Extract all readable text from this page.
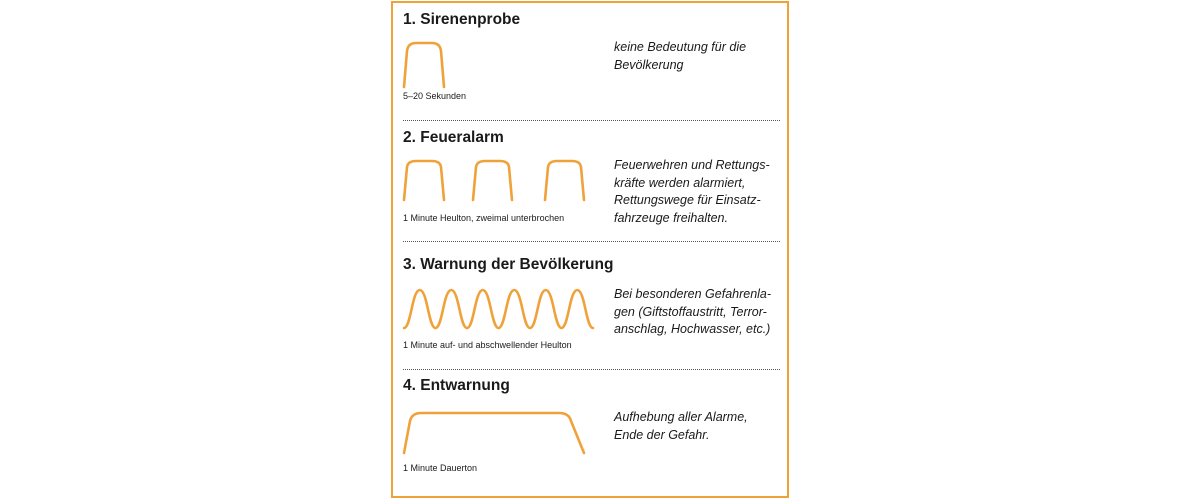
1. Sirenenprobe
5–20 Sekunden
keine Bedeutung für die
Bevölkerung
2. Feueralarm
1 Minute Heulton, zweimal unterbrochen
Feuerwehren und Rettungs-
kräfte werden alarmiert,
Rettungswege für Einsatz-
fahrzeuge freihalten.
3. Warnung der Bevölkerung
1 Minute auf- und abschwellender Heulton
Bei besonderen Gefahrenla-
gen (Giftstoffaustritt, Terror-
anschlag, Hochwasser, etc.)
4. Entwarnung
1 Minute Dauerton
Aufhebung aller Alarme,
Ende der Gefahr.
